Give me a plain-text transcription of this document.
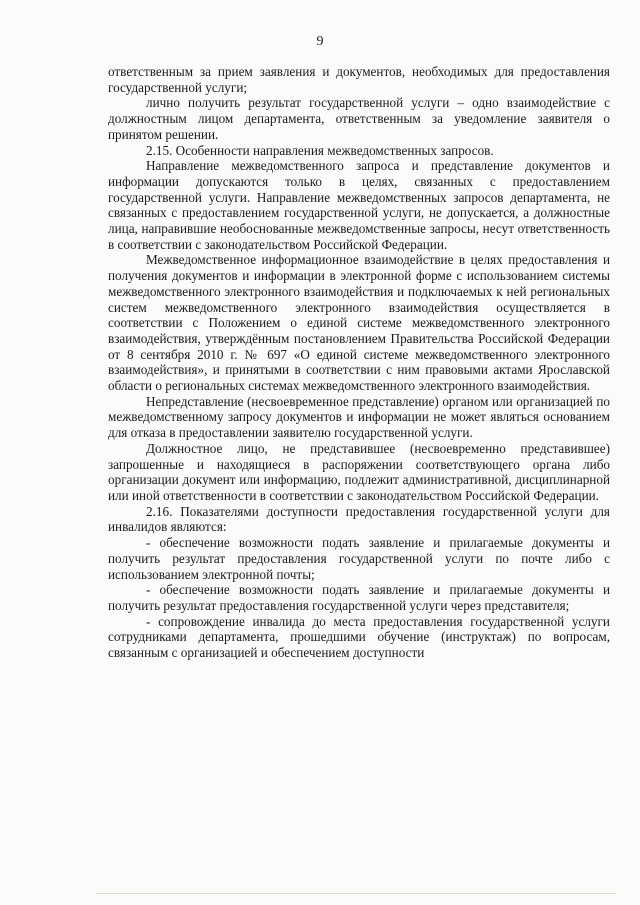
9

ответственным за прием заявления и документов, необходимых для предоставления государственной услуги;

лично получить результат государственной услуги – одно взаимодействие с должностным лицом департамента, ответственным за уведомление заявителя о принятом решении.

2.15. Особенности направления межведомственных запросов.

Направление межведомственного запроса и представление документов и информации допускаются только в целях, связанных с предоставлением государственной услуги. Направление межведомственных запросов департамента, не связанных с предоставлением государственной услуги, не допускается, а должностные лица, направившие необоснованные межведомственные запросы, несут ответственность в соответствии с законодательством Российской Федерации.

Межведомственное информационное взаимодействие в целях предоставления и получения документов и информации в электронной форме с использованием системы межведомственного электронного взаимодействия и подключаемых к ней региональных систем межведомственного электронного взаимодействия осуществляется в соответствии с Положением о единой системе межведомственного электронного взаимодействия, утверждённым постановлением Правительства Российской Федерации от 8 сентября 2010 г. № 697 «О единой системе межведомственного электронного взаимодействия», и принятыми в соответствии с ним правовыми актами Ярославской области о региональных системах межведомственного электронного взаимодействия.

Непредставление (несвоевременное представление) органом или организацией по межведомственному запросу документов и информации не может являться основанием для отказа в предоставлении заявителю государственной услуги.

Должностное лицо, не представившее (несвоевременно представившее) запрошенные и находящиеся в распоряжении соответствующего органа либо организации документ или информацию, подлежит административной, дисциплинарной или иной ответственности в соответствии с законодательством Российской Федерации.

2.16. Показателями доступности предоставления государственной услуги для инвалидов являются:

- обеспечение возможности подать заявление и прилагаемые документы и получить результат предоставления государственной услуги по почте либо с использованием электронной почты;

- обеспечение возможности подать заявление и прилагаемые документы и получить результат предоставления государственной услуги через представителя;

- сопровождение инвалида до места предоставления государственной услуги сотрудниками департамента, прошедшими обучение (инструктаж) по вопросам, связанным с организацией и обеспечением доступности
